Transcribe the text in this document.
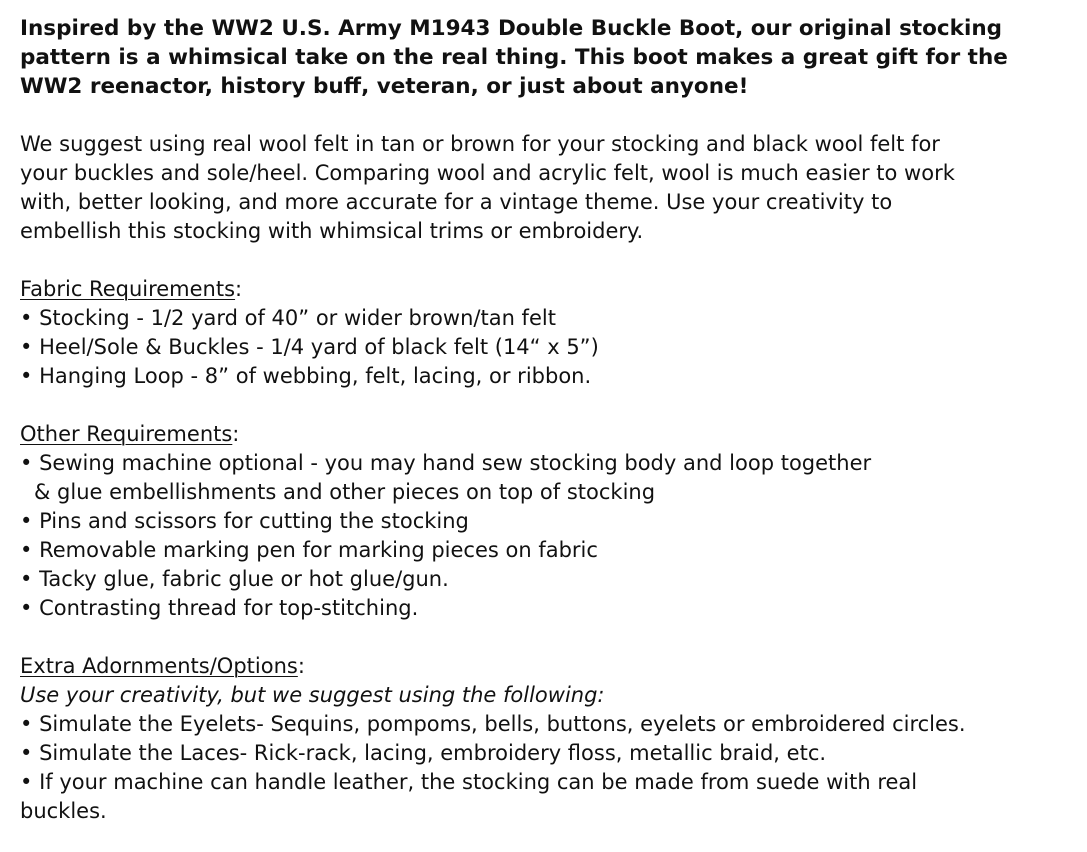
Inspired by the WW2 U.S. Army M1943 Double Buckle Boot, our original stocking
pattern is a whimsical take on the real thing. This boot makes a great gift for the
WW2 reenactor, history buff, veteran, or just about anyone!
We suggest using real wool felt in tan or brown for your stocking and black wool felt for
your buckles and sole/heel. Comparing wool and acrylic felt, wool is much easier to work
with, better looking, and more accurate for a vintage theme. Use your creativity to
embellish this stocking with whimsical trims or embroidery.
Fabric Requirements:
• Stocking - 1/2 yard of 40” or wider brown/tan felt
• Heel/Sole & Buckles - 1/4 yard of black felt (14“ x 5”)
• Hanging Loop - 8” of webbing, felt, lacing, or ribbon.
Other Requirements:
• Sewing machine optional - you may hand sew stocking body and loop together
& glue embellishments and other pieces on top of stocking
• Pins and scissors for cutting the stocking
• Removable marking pen for marking pieces on fabric
• Tacky glue, fabric glue or hot glue/gun.
• Contrasting thread for top-stitching.
Extra Adornments/Options:
Use your creativity, but we suggest using the following:
• Simulate the Eyelets- Sequins, pompoms, bells, buttons, eyelets or embroidered circles.
• Simulate the Laces- Rick-rack, lacing, embroidery floss, metallic braid, etc.
• If your machine can handle leather, the stocking can be made from suede with real
buckles.
